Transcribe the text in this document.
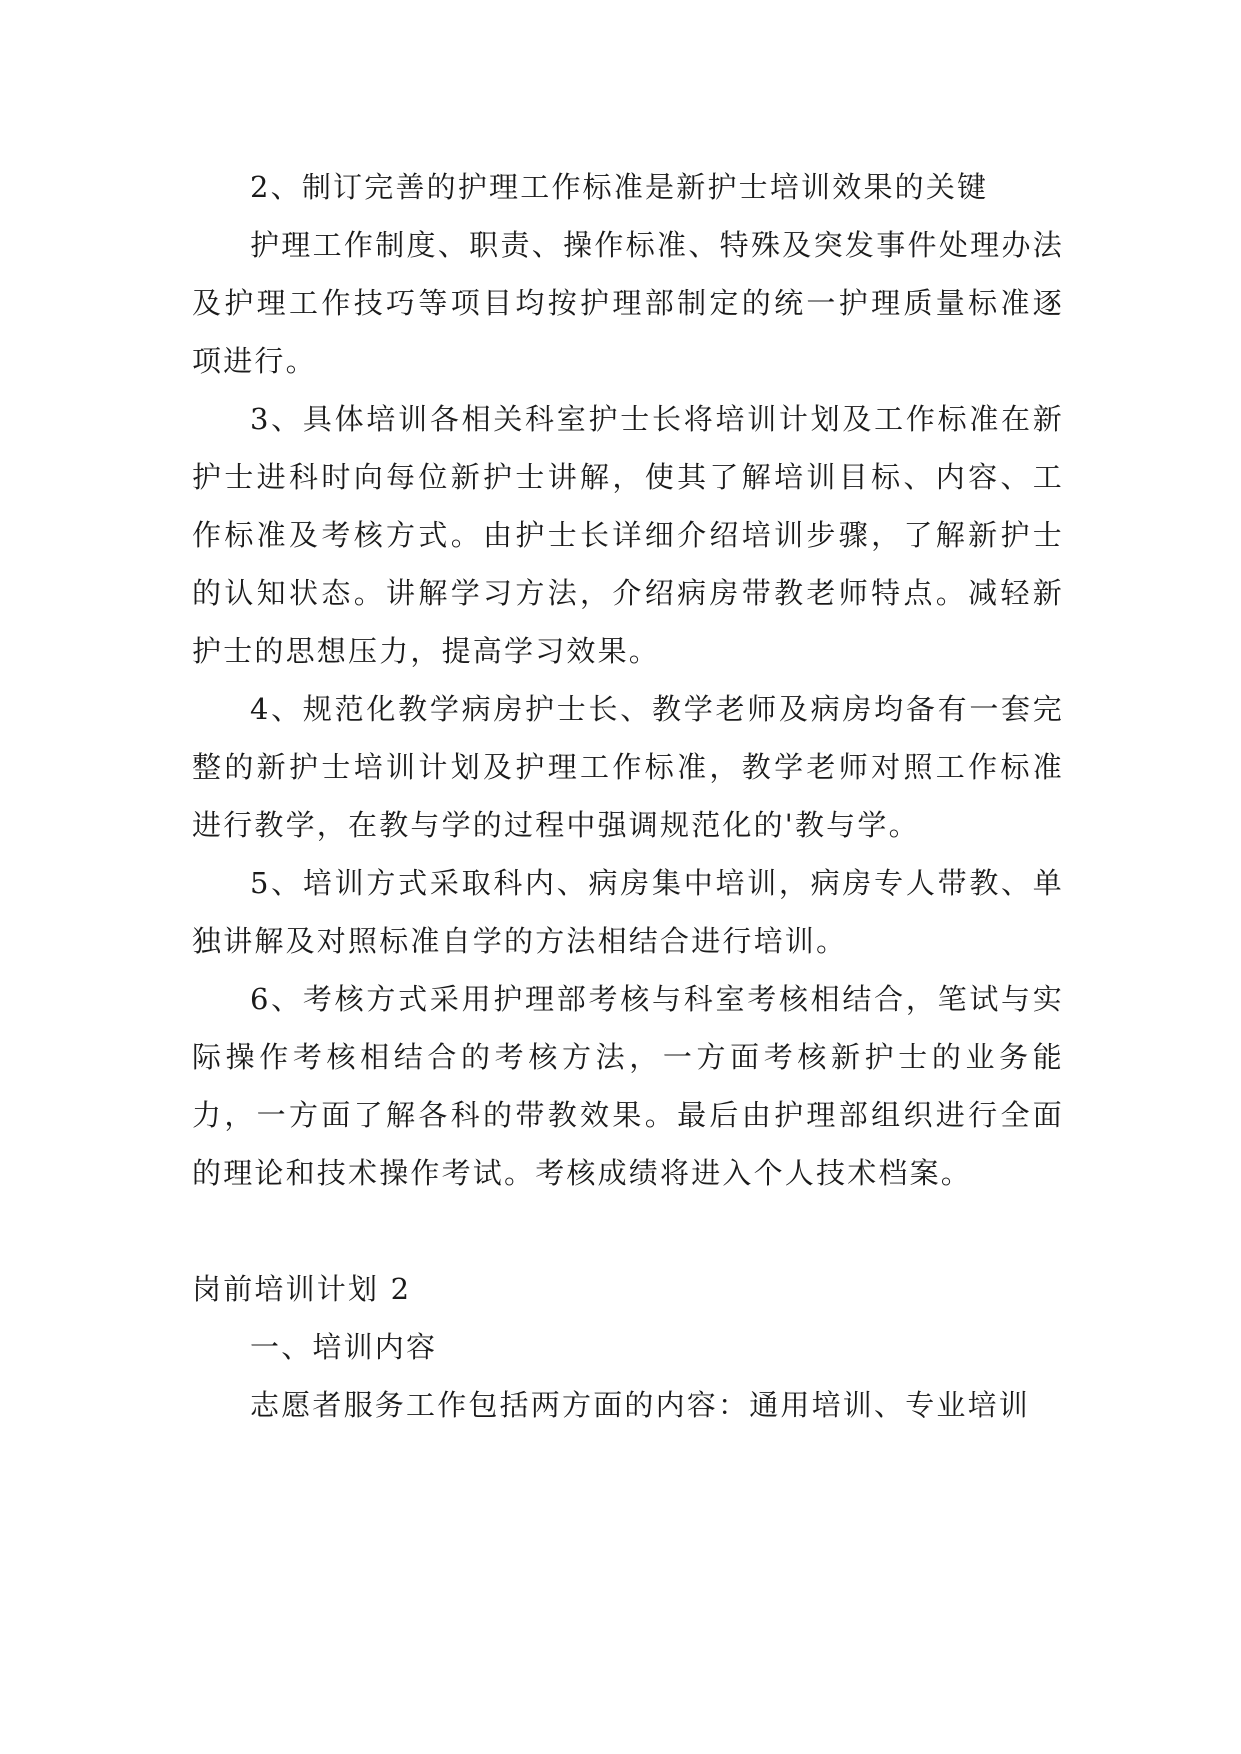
2、制订完善的护理工作标准是新护士培训效果的关键

护理工作制度、职责、操作标准、特殊及突发事件处理办法及护理工作技巧等项目均按护理部制定的统一护理质量标准逐项进行。

3、具体培训各相关科室护士长将培训计划及工作标准在新护士进科时向每位新护士讲解，使其了解培训目标、内容、工作标准及考核方式。由护士长详细介绍培训步骤，了解新护士的认知状态。讲解学习方法，介绍病房带教老师特点。减轻新护士的思想压力，提高学习效果。

4、规范化教学病房护士长、教学老师及病房均备有一套完整的新护士培训计划及护理工作标准，教学老师对照工作标准进行教学，在教与学的过程中强调规范化的'教与学。

5、培训方式采取科内、病房集中培训，病房专人带教、单独讲解及对照标准自学的方法相结合进行培训。

6、考核方式采用护理部考核与科室考核相结合，笔试与实际操作考核相结合的考核方法，一方面考核新护士的业务能力，一方面了解各科的带教效果。最后由护理部组织进行全面的理论和技术操作考试。考核成绩将进入个人技术档案。

岗前培训计划 2

一、培训内容

志愿者服务工作包括两方面的内容：通用培训、专业培训
